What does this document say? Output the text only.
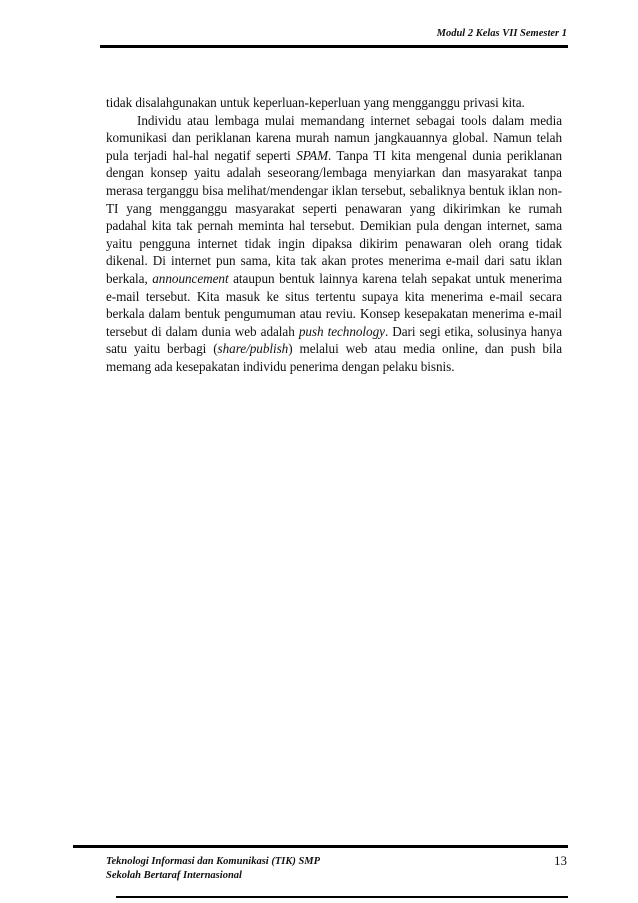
Modul 2 Kelas VII Semester 1

tidak disalahgunakan untuk keperluan-keperluan yang mengganggu privasi kita.

Individu atau lembaga mulai memandang internet sebagai tools dalam media komunikasi dan periklanan karena murah namun jangkauannya global. Namun telah pula terjadi hal-hal negatif seperti SPAM. Tanpa TI kita mengenal dunia periklanan dengan konsep yaitu adalah seseorang/lembaga menyiarkan dan masyarakat tanpa merasa terganggu bisa melihat/mendengar iklan tersebut, sebaliknya bentuk iklan non-TI yang mengganggu masyarakat seperti penawaran yang dikirimkan ke rumah padahal kita tak pernah meminta hal tersebut. Demikian pula dengan internet, sama yaitu pengguna internet tidak ingin dipaksa dikirim penawaran oleh orang tidak dikenal. Di internet pun sama, kita tak akan protes menerima e-mail dari satu iklan berkala, announcement ataupun bentuk lainnya karena telah sepakat untuk menerima e-mail tersebut. Kita masuk ke situs tertentu supaya kita menerima e-mail secara berkala dalam bentuk pengumuman atau reviu. Konsep kesepakatan menerima e-mail tersebut di dalam dunia web adalah push technology. Dari segi etika, solusinya hanya satu yaitu berbagi (share/publish) melalui web atau media online, dan push bila memang ada kesepakatan individu penerima dengan pelaku bisnis.

Teknologi Informasi dan Komunikasi (TIK) SMP
Sekolah Bertaraf Internasional
13
